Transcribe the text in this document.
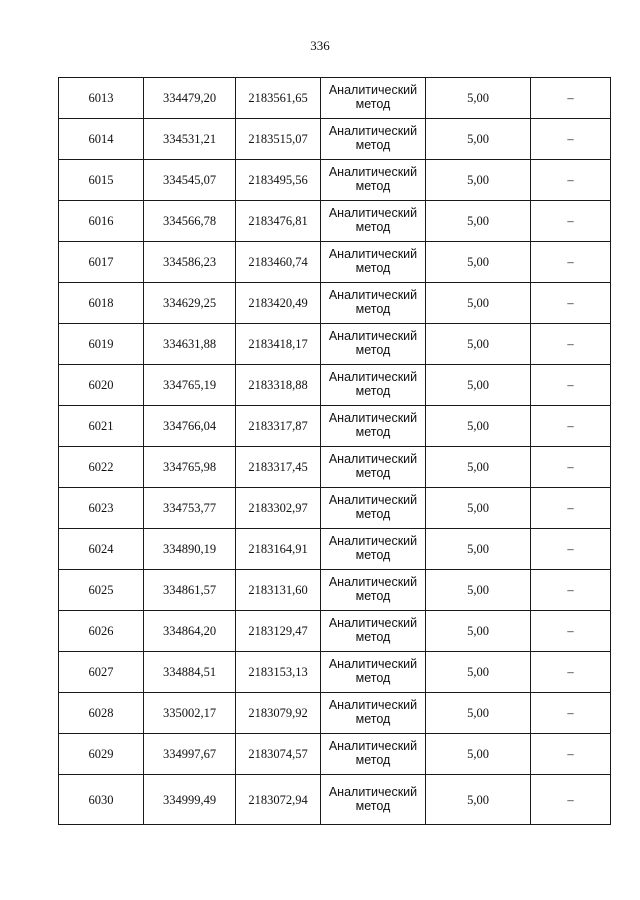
336
6013	334479,20	2183561,65	Аналитический
метод	5,00	–
6014	334531,21	2183515,07	Аналитический
метод	5,00	–
6015	334545,07	2183495,56	Аналитический
метод	5,00	–
6016	334566,78	2183476,81	Аналитический
метод	5,00	–
6017	334586,23	2183460,74	Аналитический
метод	5,00	–
6018	334629,25	2183420,49	Аналитический
метод	5,00	–
6019	334631,88	2183418,17	Аналитический
метод	5,00	–
6020	334765,19	2183318,88	Аналитический
метод	5,00	–
6021	334766,04	2183317,87	Аналитический
метод	5,00	–
6022	334765,98	2183317,45	Аналитический
метод	5,00	–
6023	334753,77	2183302,97	Аналитический
метод	5,00	–
6024	334890,19	2183164,91	Аналитический
метод	5,00	–
6025	334861,57	2183131,60	Аналитический
метод	5,00	–
6026	334864,20	2183129,47	Аналитический
метод	5,00	–
6027	334884,51	2183153,13	Аналитический
метод	5,00	–
6028	335002,17	2183079,92	Аналитический
метод	5,00	–
6029	334997,67	2183074,57	Аналитический
метод	5,00	–
6030	334999,49	2183072,94	Аналитический
метод	5,00	–
